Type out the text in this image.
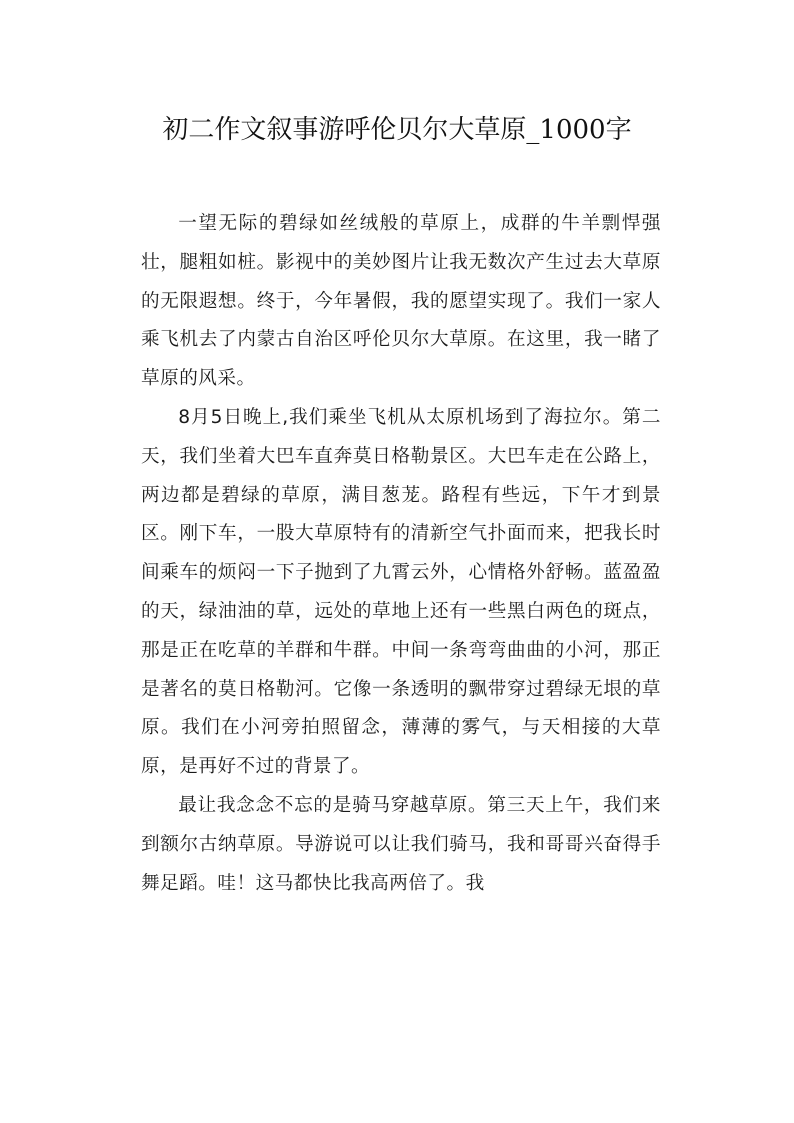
初二作文叙事游呼伦贝尔大草原_1000字

一望无际的碧绿如丝绒般的草原上，成群的牛羊剽悍强壮，腿粗如桩。影视中的美妙图片让我无数次产生过去大草原的无限遐想。终于，今年暑假，我的愿望实现了。我们一家人乘飞机去了内蒙古自治区呼伦贝尔大草原。在这里，我一睹了草原的风采。

8月5日晚上,我们乘坐飞机从太原机场到了海拉尔。第二天，我们坐着大巴车直奔莫日格勒景区。大巴车走在公路上，两边都是碧绿的草原，满目葱茏。路程有些远，下午才到景区。刚下车，一股大草原特有的清新空气扑面而来，把我长时间乘车的烦闷一下子抛到了九霄云外，心情格外舒畅。蓝盈盈的天，绿油油的草，远处的草地上还有一些黑白两色的斑点，那是正在吃草的羊群和牛群。中间一条弯弯曲曲的小河，那正是著名的莫日格勒河。它像一条透明的飘带穿过碧绿无垠的草原。我们在小河旁拍照留念，薄薄的雾气，与天相接的大草原，是再好不过的背景了。

最让我念念不忘的是骑马穿越草原。第三天上午，我们来到额尔古纳草原。导游说可以让我们骑马，我和哥哥兴奋得手舞足蹈。哇！这马都快比我高两倍了。我
